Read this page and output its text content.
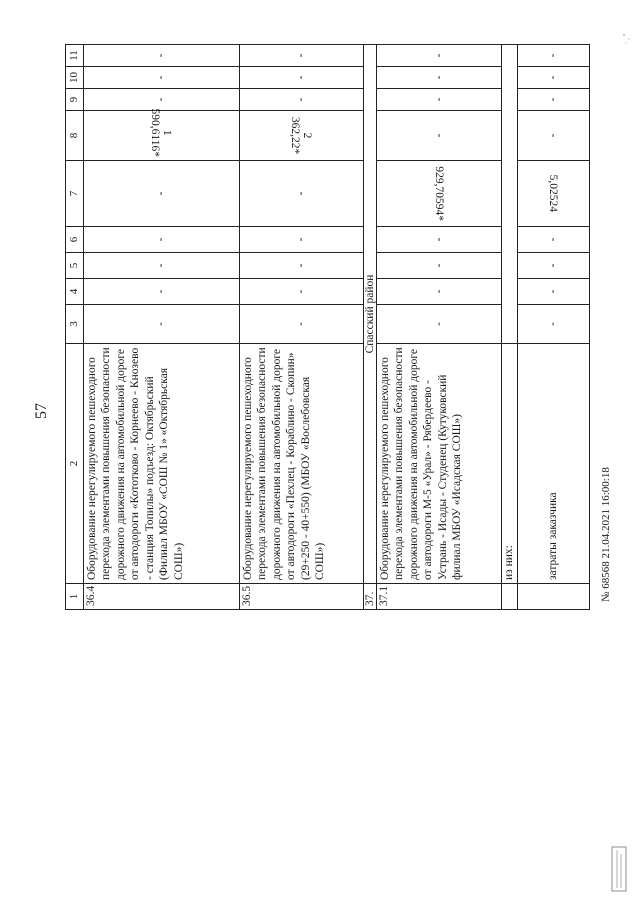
57
1	2	3	4	5	6	7	8	9	10	11
36.4	Оборудование нерегулируемого пешеходного перехода элементами повышения безопасности дорожного движения на автомобильной дороге от автодороги «Кототково - Корнеево - Кнозево - станция Топилы» подъезд: Октябрьский (Филиал МБОУ «СОШ № 1» «Октябрьская СОШ»)	-	-	-	-	-	1 590,6116*	-	-	-
36.5	Оборудование нерегулируемого пешеходного перехода элементами повышения безопасности дорожного движения на автомобильной дороге от автодороги «Пехлец - Кораблино - Скопин» (29+250 - 40+550) (МБОУ «Вослебовская СОШ»)	-	-	-	-	-	2 362,22*	-	-	-
37.	Спасский район									
37.1	Оборудование нерегулируемого пешеходного перехода элементами повышения безопасности дорожного движения на автомобильной дороге от автодороги М-5 «Урал» - Рябердеево - Устрань - Исады - Студенец (Кутуковский филиал МБОУ «Исадская СОШ»)	-	-	-	-	929,70594*	-	-	-	-
	из них:									
	затраты заказчика	-	-	-	-	5,02524	-	-	-	-
№ 68568 21.04.2021 16:00:18
